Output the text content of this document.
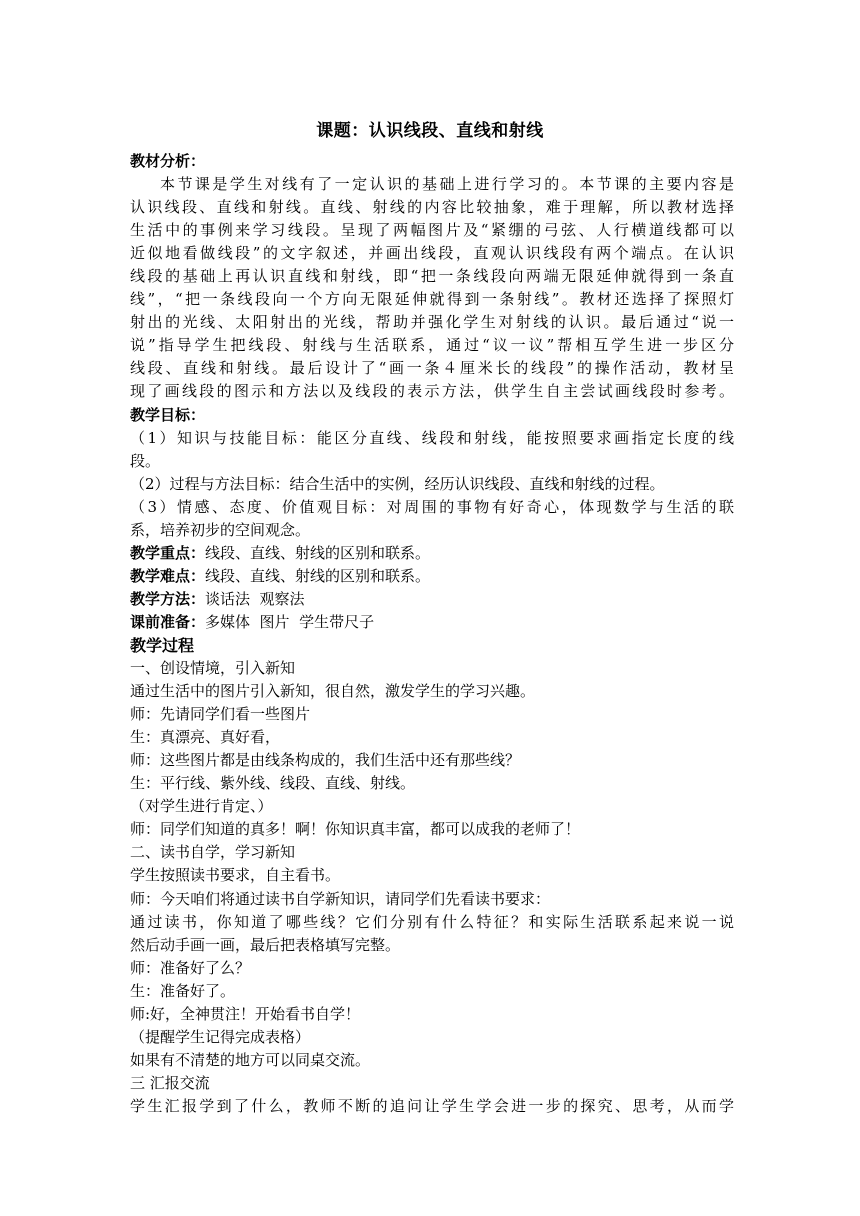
课题：认识线段、直线和射线
教材分析：
本节课是学生对线有了一定认识的基础上进行学习的。本节课的主要内容是
认识线段、直线和射线。直线、射线的内容比较抽象，难于理解，所以教材选择
生活中的事例来学习线段。呈现了两幅图片及“紧绷的弓弦、人行横道线都可以
近似地看做线段”的文字叙述，并画出线段，直观认识线段有两个端点。在认识
线段的基础上再认识直线和射线，即“把一条线段向两端无限延伸就得到一条直
线”，“把一条线段向一个方向无限延伸就得到一条射线”。教材还选择了探照灯
射出的光线、太阳射出的光线，帮助并强化学生对射线的认识。最后通过“说一
说”指导学生把线段、射线与生活联系，通过“议一议”帮相互学生进一步区分
线段、直线和射线。最后设计了“画一条４厘米长的线段”的操作活动，教材呈
现了画线段的图示和方法以及线段的表示方法，供学生自主尝试画线段时参考。
教学目标：
（1）知识与技能目标：能区分直线、线段和射线，能按照要求画指定长度的线
段。
（2）过程与方法目标：结合生活中的实例，经历认识线段、直线和射线的过程。
（3）情感、态度、价值观目标：对周围的事物有好奇心，体现数学与生活的联
系，培养初步的空间观念。
教学重点：线段、直线、射线的区别和联系。
教学难点：线段、直线、射线的区别和联系。
教学方法：谈话法  观察法
课前准备：多媒体  图片  学生带尺子
教学过程
一、创设情境，引入新知
通过生活中的图片引入新知，很自然，激发学生的学习兴趣。
师：先请同学们看一些图片
生：真漂亮、真好看，
师：这些图片都是由线条构成的，我们生活中还有那些线？
生：平行线、紫外线、线段、直线、射线。
（对学生进行肯定、）
师：同学们知道的真多！啊！你知识真丰富，都可以成我的老师了！
二、读书自学，学习新知
学生按照读书要求，自主看书。
师：今天咱们将通过读书自学新知识，请同学们先看读书要求：
通过读书，你知道了哪些线？它们分别有什么特征？和实际生活联系起来说一说
然后动手画一画，最后把表格填写完整。
师：准备好了么？
生：准备好了。
师:好，全神贯注！开始看书自学！
（提醒学生记得完成表格）
如果有不清楚的地方可以同桌交流。
三 汇报交流
学生汇报学到了什么，教师不断的追问让学生学会进一步的探究、思考，从而学
